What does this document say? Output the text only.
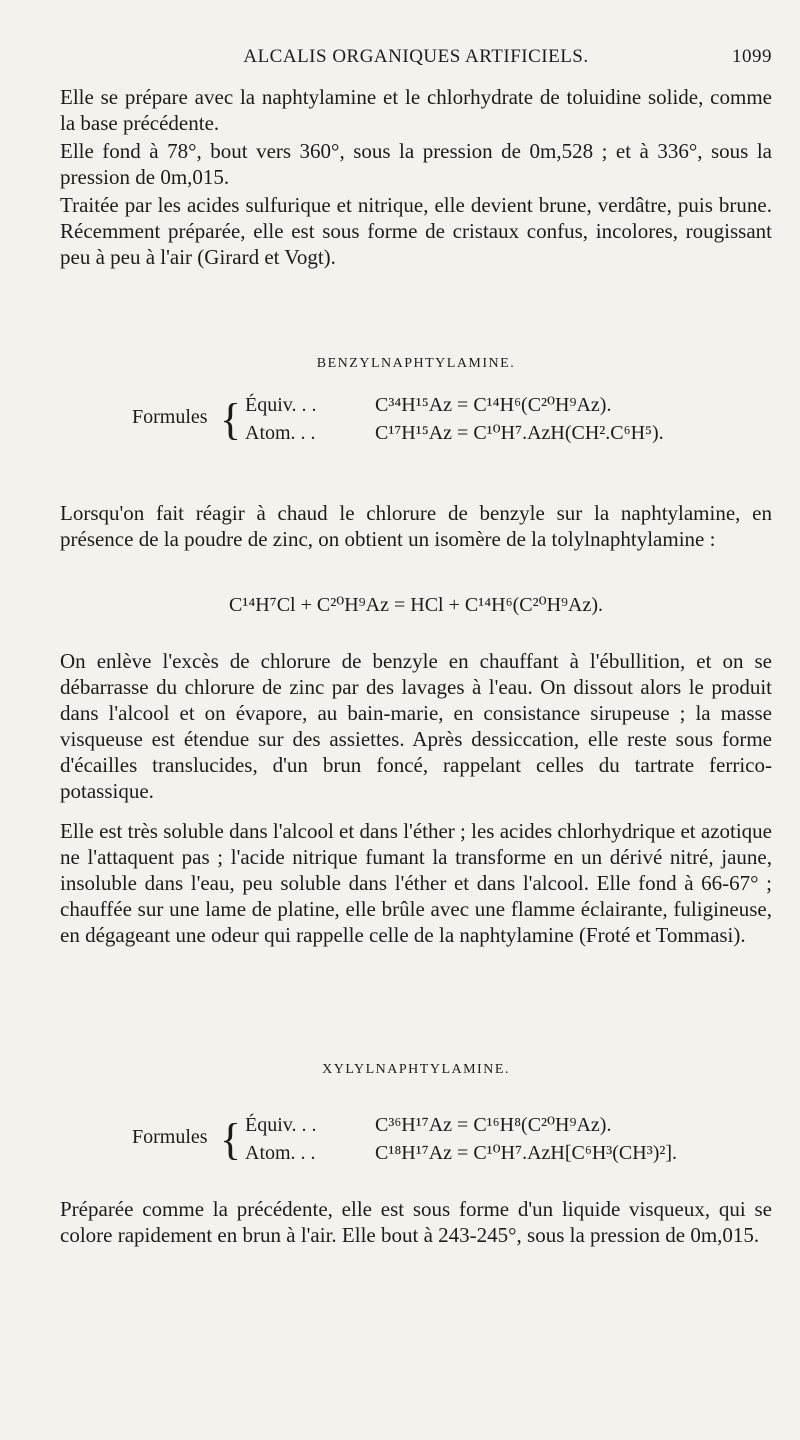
ALCALIS ORGANIQUES ARTIFICIELS.	1099

Elle se prépare avec la naphtylamine et le chlorhydrate de toluidine solide, comme la base précédente.

Elle fond à 78°, bout vers 360°, sous la pression de 0m,528 ; et à 336°, sous la pression de 0m,015.

Traitée par les acides sulfurique et nitrique, elle devient brune, verdâtre, puis brune. Récemment préparée, elle est sous forme de cristaux confus, incolores, rougissant peu à peu à l'air (Girard et Vogt).

BENZYLNAPHTYLAMINE.
Formules { Équiv. . .	C³⁴H¹⁵Az = C¹⁴H⁶(C²⁰H⁹Az).
Atom. . .	C¹⁷H¹⁵Az = C¹⁰H⁷.AzH(CH².C⁶H⁵).

Lorsqu'on fait réagir à chaud le chlorure de benzyle sur la naphtylamine, en présence de la poudre de zinc, on obtient un isomère de la tolylnaphtylamine :

C¹⁴H⁷Cl + C²⁰H⁹Az = HCl + C¹⁴H⁶(C²⁰H⁹Az).

On enlève l'excès de chlorure de benzyle en chauffant à l'ébullition, et on se débarrasse du chlorure de zinc par des lavages à l'eau. On dissout alors le produit dans l'alcool et on évapore, au bain-marie, en consistance sirupeuse ; la masse visqueuse est étendue sur des assiettes. Après dessiccation, elle reste sous forme d'écailles translucides, d'un brun foncé, rappelant celles du tartrate ferrico-potassique.

Elle est très soluble dans l'alcool et dans l'éther ; les acides chlorhydrique et azotique ne l'attaquent pas ; l'acide nitrique fumant la transforme en un dérivé nitré, jaune, insoluble dans l'eau, peu soluble dans l'éther et dans l'alcool. Elle fond à 66-67° ; chauffée sur une lame de platine, elle brûle avec une flamme éclairante, fuligineuse, en dégageant une odeur qui rappelle celle de la naphtylamine (Froté et Tommasi).

XYLYLNAPHTYLAMINE.
Formules { Équiv. . .	C³⁶H¹⁷Az = C¹⁶H⁸(C²⁰H⁹Az).
Atom. . .	C¹⁸H¹⁷Az = C¹⁰H⁷.AzH[C⁶H³(CH³)²].

Préparée comme la précédente, elle est sous forme d'un liquide visqueux, qui se colore rapidement en brun à l'air. Elle bout à 243-245°, sous la pression de 0m,015.
